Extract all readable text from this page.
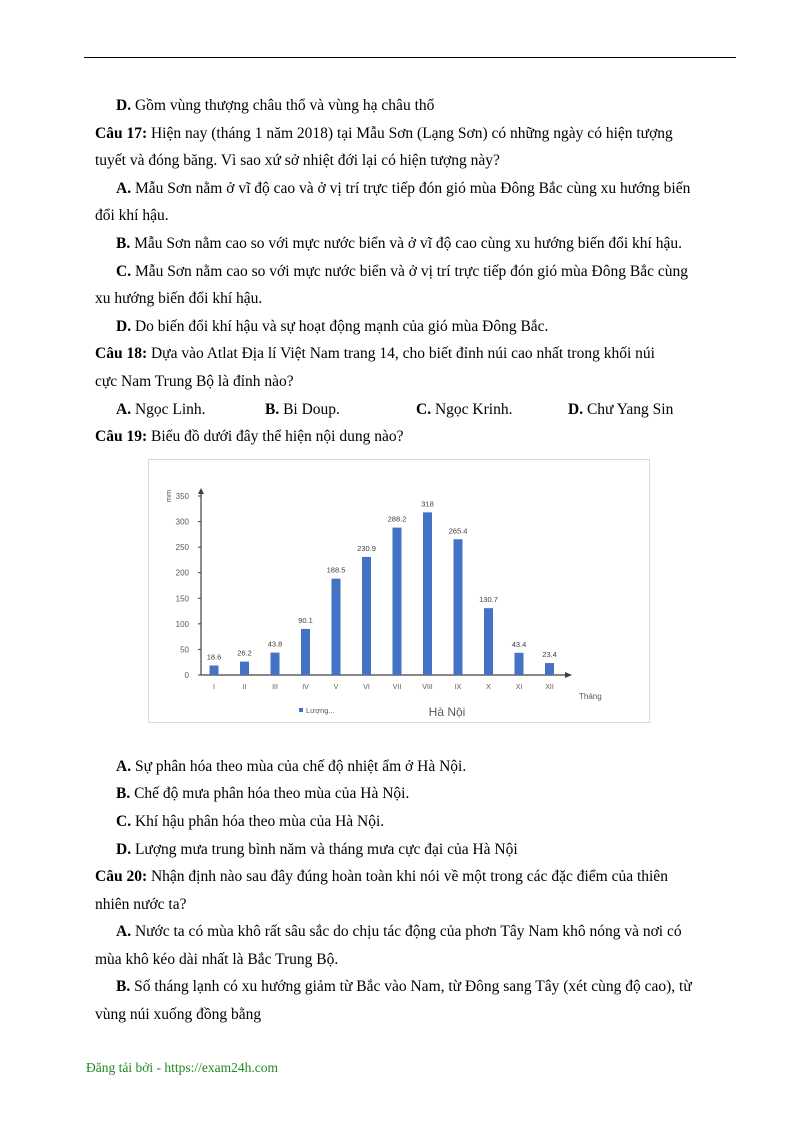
D. Gồm vùng thượng châu thổ và vùng hạ châu thổ
Câu 17: Hiện nay (tháng 1 năm 2018) tại Mẫu Sơn (Lạng Sơn) có những ngày có hiện tượng
tuyết và đóng băng. Vì sao xứ sở nhiệt đới lại có hiện tượng này?
A. Mẫu Sơn nằm ở vĩ độ cao và ở vị trí trực tiếp đón gió mùa Đông Bắc cùng xu hướng biến
đổi khí hậu.
B. Mẫu Sơn nằm cao so với mực nước biển và ở vĩ độ cao cùng xu hướng biến đổi khí hậu.
C. Mẫu Sơn nằm cao so với mực nước biển và ở vị trí trực tiếp đón gió mùa Đông Bắc cùng
xu hướng biến đổi khí hậu.
D. Do biến đổi khí hậu và sự hoạt động mạnh của gió mùa Đông Bắc.
Câu 18: Dựa vào Atlat Địa lí Việt Nam trang 14, cho biết đỉnh núi cao nhất trong khối núi
cực Nam Trung Bộ là đỉnh nào?
A. Ngọc Linh.	B. Bi Doup.	C. Ngọc Krinh.	D. Chư Yang Sin
Câu 19: Biểu đồ dưới đây thể hiện nội dung nào?
A. Sự phân hóa theo mùa của chế độ nhiệt ẩm ở Hà Nội.
B. Chế độ mưa phân hóa theo mùa của Hà Nội.
C. Khí hậu phân hóa theo mùa của Hà Nội.
D. Lượng mưa trung bình năm và tháng mưa cực đại của Hà Nội
Câu 20: Nhận định nào sau đây đúng hoàn toàn khi nói về một trong các đặc điểm của thiên
nhiên nước ta?
A. Nước ta có mùa khô rất sâu sắc do chịu tác động của phơn Tây Nam khô nóng và nơi có
mùa khô kéo dài nhất là Bắc Trung Bộ.
B. Số tháng lạnh có xu hướng giảm từ Bắc vào Nam, từ Đông sang Tây (xét cùng độ cao), từ
vùng núi xuống đồng bằng
0
50
100
150
200
250
300
350
mm
18.6
I
26.2
II
43.8
III
90.1
IV
188.5
V
230.9
VI
288.2
VII
318
VIII
265.4
IX
130.7
X
43.4
XI
23.4
XII
Tháng
Lượng...	Hà Nội
Đăng tải bởi - https://exam24h.com
